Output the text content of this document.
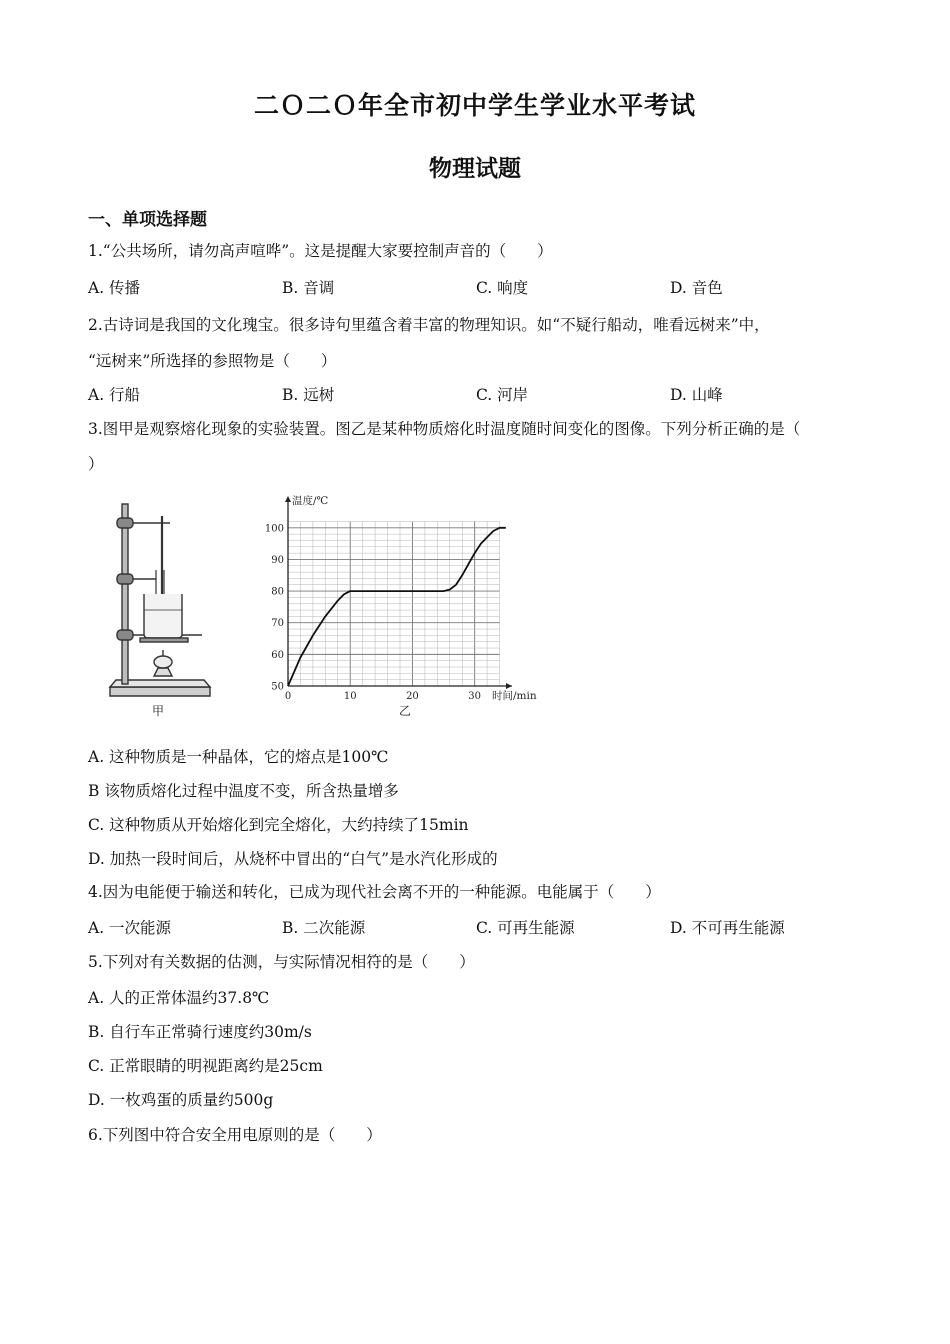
二Ｏ二Ｏ年全市初中学生学业水平考试
物理试题
一、单项选择题
1.“公共场所，请勿高声喧哗”。这是提醒大家要控制声音的（　　）
A. 传播	B. 音调	C. 响度	D. 音色
2.古诗词是我国的文化瑰宝。很多诗句里蕴含着丰富的物理知识。如“不疑行船动，唯看远树来”中，
“远树来”所选择的参照物是（　　）
A. 行船	B. 远树	C. 河岸	D. 山峰
3.图甲是观察熔化现象的实验装置。图乙是某种物质熔化时温度随时间变化的图像。下列分析正确的是（
）
甲
0	10	20	30
50
60
70
80
90
100
温度/℃
时间/min
乙
A. 这种物质是一种晶体，它的熔点是100℃
B 该物质熔化过程中温度不变，所含热量增多
C. 这种物质从开始熔化到完全熔化，大约持续了15min
D. 加热一段时间后，从烧杯中冒出的“白气”是水汽化形成的
4.因为电能便于输送和转化，已成为现代社会离不开的一种能源。电能属于（　　）
A. 一次能源	B. 二次能源	C. 可再生能源	D. 不可再生能源
5.下列对有关数据的估测，与实际情况相符的是（　　）
A. 人的正常体温约37.8℃
B. 自行车正常骑行速度约30m/s
C. 正常眼睛的明视距离约是25cm
D. 一枚鸡蛋的质量约500g
6.下列图中符合安全用电原则的是（　　）
